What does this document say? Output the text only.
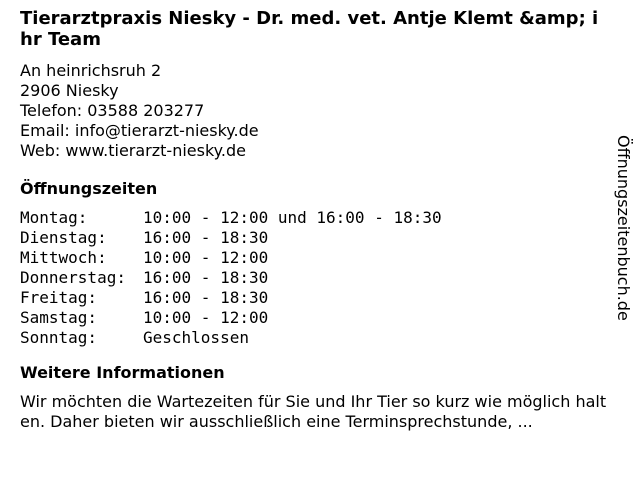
Tierarztpraxis Niesky - Dr. med. vet. Antje Klemt &amp; ihr Team
An heinrichsruh 2
2906 Niesky
Telefon: 03588 203277
Email: info@tierarzt-niesky.de
Web: www.tierarzt-niesky.de
Öffnungszeiten
Montag:	10:00 - 12:00 und 16:00 - 18:30
Dienstag:	16:00 - 18:30
Mittwoch:	10:00 - 12:00
Donnerstag:	16:00 - 18:30
Freitag:	16:00 - 18:30
Samstag:	10:00 - 12:00
Sonntag:	Geschlossen
Weitere Informationen
Wir möchten die Wartezeiten für Sie und Ihr Tier so kurz wie möglich halten. Daher bieten wir ausschließlich eine Terminsprechstunde, ...
Öffnungszeitenbuch.de
